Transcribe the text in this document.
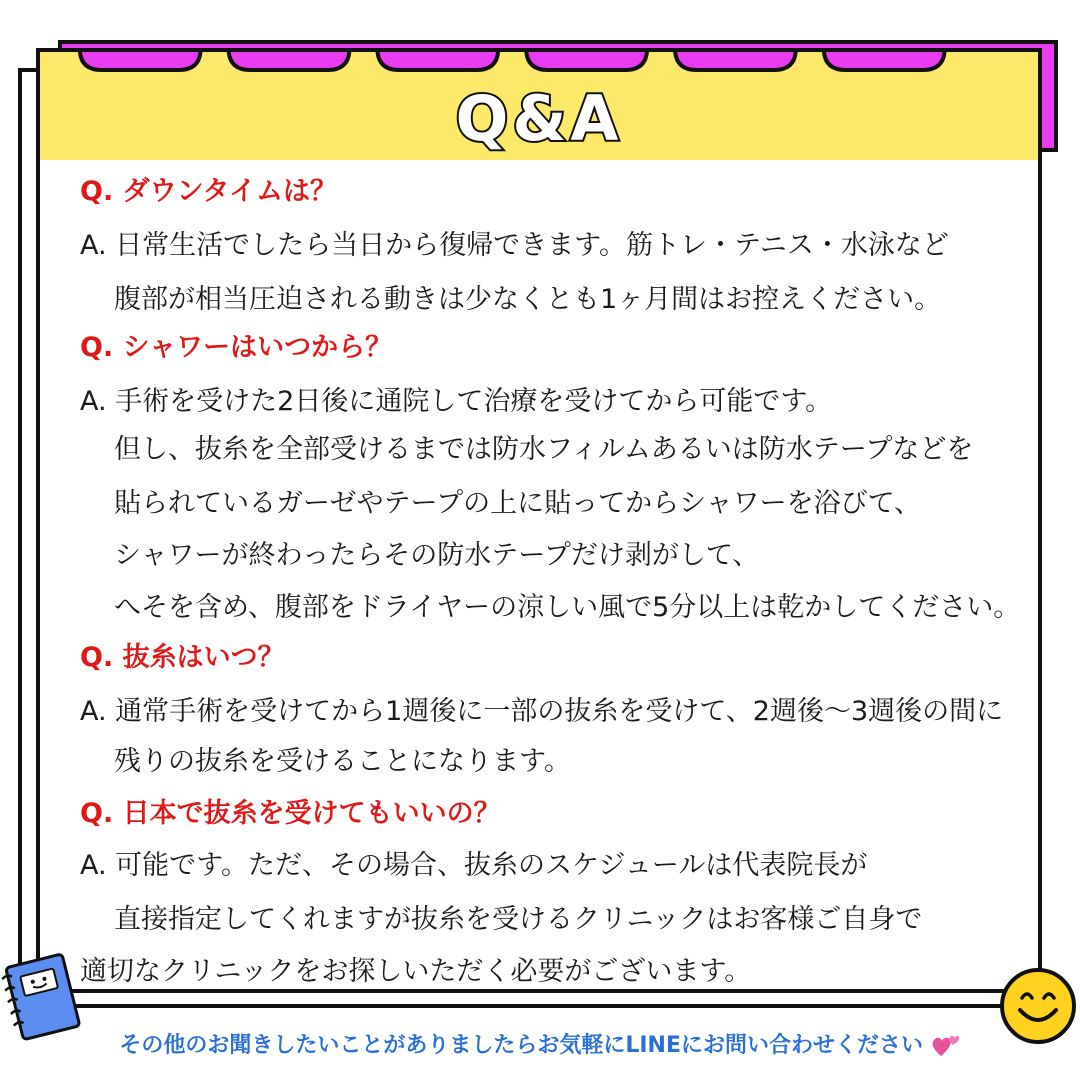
Q&A
Q. ダウンタイムは？
A. 日常生活でしたら当日から復帰できます。筋トレ・テニス・水泳など
腹部が相当圧迫される動きは少なくとも1ヶ月間はお控えください。
Q. シャワーはいつから？
A. 手術を受けた2日後に通院して治療を受けてから可能です。
但し、抜糸を全部受けるまでは防水フィルムあるいは防水テープなどを
貼られているガーゼやテープの上に貼ってからシャワーを浴びて、
シャワーが終わったらその防水テープだけ剥がして、
へそを含め、腹部をドライヤーの涼しい風で5分以上は乾かしてください。
Q. 抜糸はいつ？
A. 通常手術を受けてから1週後に一部の抜糸を受けて、2週後～3週後の間に
残りの抜糸を受けることになります。
Q. 日本で抜糸を受けてもいいの？
A. 可能です。ただ、その場合、抜糸のスケジュールは代表院長が
直接指定してくれますが抜糸を受けるクリニックはお客様ご自身で
適切なクリニックをお探しいただく必要がございます。
その他のお聞きしたいことがありましたらお気軽にLINEにお問い合わせください
